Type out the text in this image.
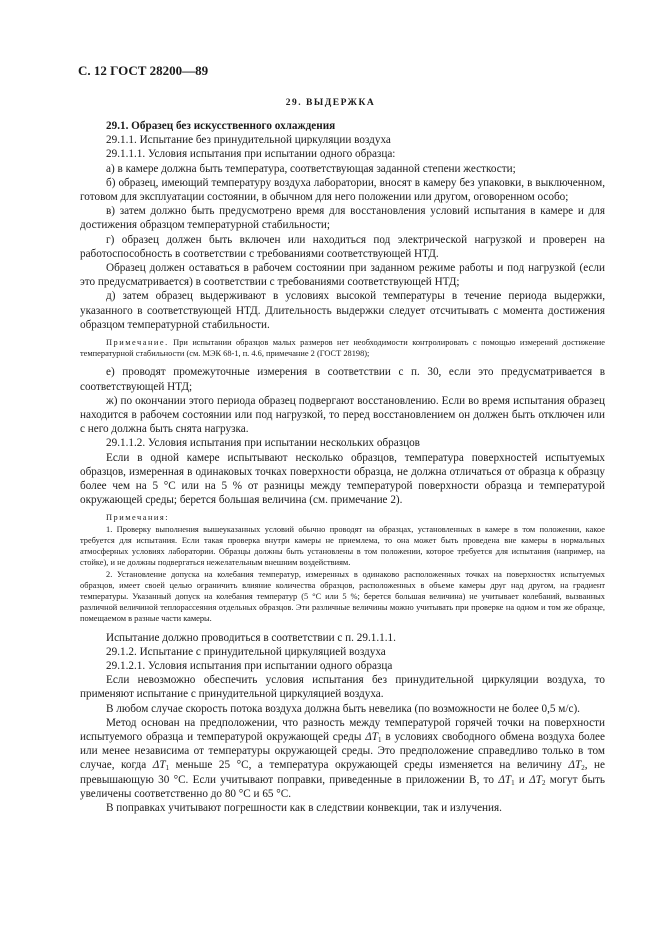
С. 12 ГОСТ 28200—89
29. ВЫДЕРЖКА

29.1. Образец без искусственного охлаждения

29.1.1. Испытание без принудительной циркуляции воздуха

29.1.1.1. Условия испытания при испытании одного образца:

а) в камере должна быть температура, соответствующая заданной степени жесткости;

б) образец, имеющий температуру воздуха лаборатории, вносят в камеру без упаковки, в выключенном, готовом для эксплуатации состоянии, в обычном для него положении или другом, оговоренном особо;

в) затем должно быть предусмотрено время для восстановления условий испытания в камере и для достижения образцом температурной стабильности;

г) образец должен быть включен или находиться под электрической нагрузкой и проверен на работоспособность в соответствии с требованиями соответствующей НТД.

Образец должен оставаться в рабочем состоянии при заданном режиме работы и под нагрузкой (если это предусматривается) в соответствии с требованиями соответствующей НТД;

д) затем образец выдерживают в условиях высокой температуры в течение периода выдержки, указанного в соответствующей НТД. Длительность выдержки следует отсчитывать с момента достижения образцом температурной стабильности.

Примечание. При испытании образцов малых размеров нет необходимости контролировать с помощью измерений достижение температурной стабильности (см. МЭК 68-1, п. 4.6, примечание 2 (ГОСТ 28198);

е) проводят промежуточные измерения в соответствии с п. 30, если это предусматривается в соответствующей НТД;

ж) по окончании этого периода образец подвергают восстановлению. Если во время испытания образец находится в рабочем состоянии или под нагрузкой, то перед восстановлением он должен быть отключен или с него должна быть снята нагрузка.

29.1.1.2. Условия испытания при испытании нескольких образцов

Если в одной камере испытывают несколько образцов, температура поверхностей испытуемых образцов, измеренная в одинаковых точках поверхности образца, не должна отличаться от образца к образцу более чем на 5 °С или на 5 % от разницы между температурой поверхности образца и температурой окружающей среды; берется большая величина (см. примечание 2).

Примечания:

1. Проверку выполнения вышеуказанных условий обычно проводят на образцах, установленных в камере в том положении, какое требуется для испытания. Если такая проверка внутри камеры не приемлема, то она может быть проведена вне камеры в нормальных атмосферных условиях лаборатории. Образцы должны быть установлены в том положении, которое требуется для испытания (например, на стойке), и не должны подвергаться нежелательным внешним воздействиям.

2. Установление допуска на колебания температур, измеренных в одинаково расположенных точках на поверхностях испытуемых образцов, имеет своей целью ограничить влияние количества образцов, расположенных в объеме камеры друг над другом, на градиент температуры. Указанный допуск на колебания температур (5 °С или 5 %; берется большая величина) не учитывает колебаний, вызванных различной величиной теплорассеяния отдельных образцов. Эти различные величины можно учитывать при проверке на одном и том же образце, помещаемом в разные части камеры.

Испытание должно проводиться в соответствии с п. 29.1.1.1.

29.1.2. Испытание с принудительной циркуляцией воздуха

29.1.2.1. Условия испытания при испытании одного образца

Если невозможно обеспечить условия испытания без принудительной циркуляции воздуха, то применяют испытание с принудительной циркуляцией воздуха.

В любом случае скорость потока воздуха должна быть невелика (по возможности не более 0,5 м/с).

Метод основан на предположении, что разность между температурой горячей точки на поверхности испытуемого образца и температурой окружающей среды $\Delta T_1$ в условиях свободного обмена воздуха более или менее независима от температуры окружающей среды. Это предположение справедливо только в том случае, когда $\Delta T_1$ меньше 25 °С, а температура окружающей среды изменяется на величину $\Delta T_2$, не превышающую 30 °С. Если учитывают поправки, приведенные в приложении В, то $\Delta T_1$ и $\Delta T_2$ могут быть увеличены соответственно до 80 °С и 65 °С.

В поправках учитывают погрешности как в следствии конвекции, так и излучения.
